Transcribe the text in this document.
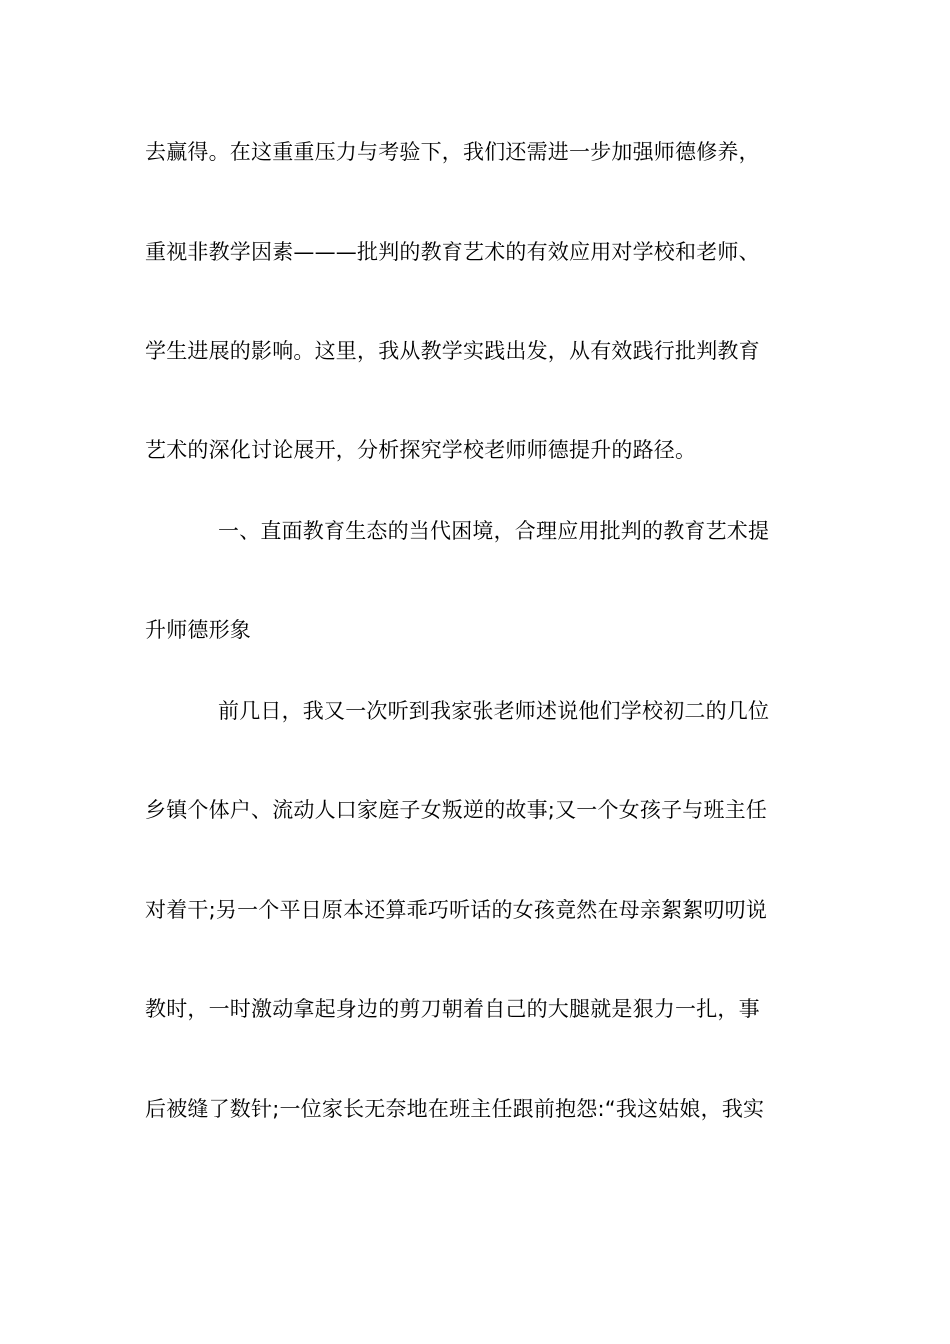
去赢得。在这重重压力与考验下，我们还需进一步加强师德修养，
重视非教学因素———批判的教育艺术的有效应用对学校和老师、
学生进展的影响。这里，我从教学实践出发，从有效践行批判教育
艺术的深化讨论展开，分析探究学校老师师德提升的路径。
一、直面教育生态的当代困境，合理应用批判的教育艺术提
升师德形象
前几日，我又一次听到我家张老师述说他们学校初二的几位
乡镇个体户、流动人口家庭子女叛逆的故事;又一个女孩子与班主任
对着干;另一个平日原本还算乖巧听话的女孩竟然在母亲絮絮叨叨说
教时，一时激动拿起身边的剪刀朝着自己的大腿就是狠力一扎，事
后被缝了数针;一位家长无奈地在班主任跟前抱怨:“我这姑娘，我实
